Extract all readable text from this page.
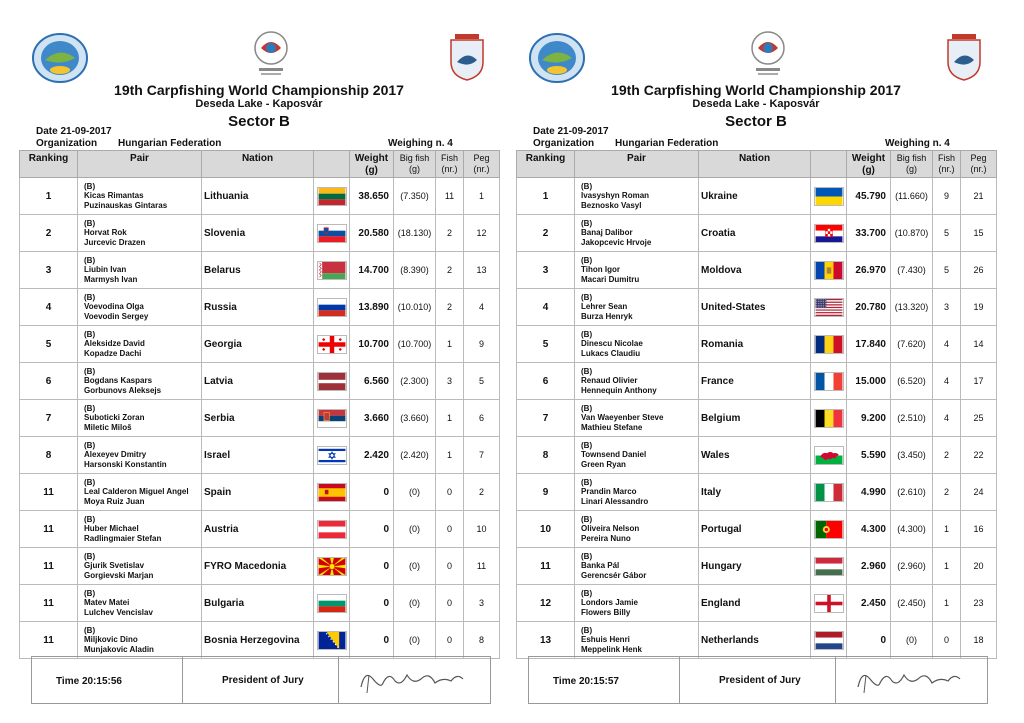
19th Carpfishing World Championship 2017
Deseda Lake - Kaposvár
Sector B
Date 21-09-2017
Organization Hungarian Federation	Weighing n. 4
Ranking	Pair	Nation		Weight
(g)	Big fish
(g)	Fish
(nr.)	Peg
(nr.)
1	(B)
Kicas Rimantas
Puzinauskas Gintaras	Lithuania		38.650	(7.350)	11	1
2	(B)
Horvat Rok
Jurcevic Drazen	Slovenia		20.580	(18.130)	2	12
3	(B)
Liubin Ivan
Marmysh Ivan	Belarus		14.700	(8.390)	2	13
4	(B)
Voevodina Olga
Voevodin Sergey	Russia		13.890	(10.010)	2	4
5	(B)
Aleksidze David
Kopadze Dachi	Georgia		10.700	(10.700)	1	9
6	(B)
Bogdans Kaspars
Gorbunovs Aleksejs	Latvia		6.560	(2.300)	3	5
7	(B)
Suboticki Zoran
Miletic Miloš	Serbia		3.660	(3.660)	1	6
8	(B)
Alexeyev Dmitry
Harsonski Konstantin	Israel		2.420	(2.420)	1	7
11	(B)
Leal Calderon Miguel Angel
Moya Ruiz Juan	Spain		0	(0)	0	2
11	(B)
Huber Michael
Radlingmaier Stefan	Austria		0	(0)	0	10
11	(B)
Gjurik Svetislav
Gorgievski Marjan	FYRO Macedonia		0	(0)	0	11
11	(B)
Matev Matei
Lulchev Vencislav	Bulgaria		0	(0)	0	3
11	(B)
Miljkovic Dino
Munjakovic Aladin	Bosnia Herzegovina		0	(0)	0	8
Time 20:15:56	President of Jury
19th Carpfishing World Championship 2017
Deseda Lake - Kaposvár
Sector B
Date 21-09-2017
Organization Hungarian Federation	Weighing n. 4
Ranking	Pair	Nation		Weight
(g)	Big fish
(g)	Fish
(nr.)	Peg
(nr.)
1	(B)
Ivasyshyn Roman
Beznosko Vasyl	Ukraine		45.790	(11.660)	9	21
2	(B)
Banaj Dalibor
Jakopcevic Hrvoje	Croatia		33.700	(10.870)	5	15
3	(B)
Tihon Igor
Macari Dumitru	Moldova		26.970	(7.430)	5	26
4	(B)
Lehrer Sean
Burza Henryk	United-States		20.780	(13.320)	3	19
5	(B)
Dinescu Nicolae
Lukacs Claudiu	Romania		17.840	(7.620)	4	14
6	(B)
Renaud Olivier
Hennequin Anthony	France		15.000	(6.520)	4	17
7	(B)
Van Waeyenber Steve
Mathieu Stefane	Belgium		9.200	(2.510)	4	25
8	(B)
Townsend Daniel
Green Ryan	Wales		5.590	(3.450)	2	22
9	(B)
Prandin Marco
Linari Alessandro	Italy		4.990	(2.610)	2	24
10	(B)
Oliveira Nelson
Pereira Nuno	Portugal		4.300	(4.300)	1	16
11	(B)
Banka Pál
Gerencsér Gábor	Hungary		2.960	(2.960)	1	20
12	(B)
Londors Jamie
Flowers Billy	England		2.450	(2.450)	1	23
13	(B)
Eshuis Henri
Meppelink Henk	Netherlands		0	(0)	0	18
Time 20:15:57	President of Jury
